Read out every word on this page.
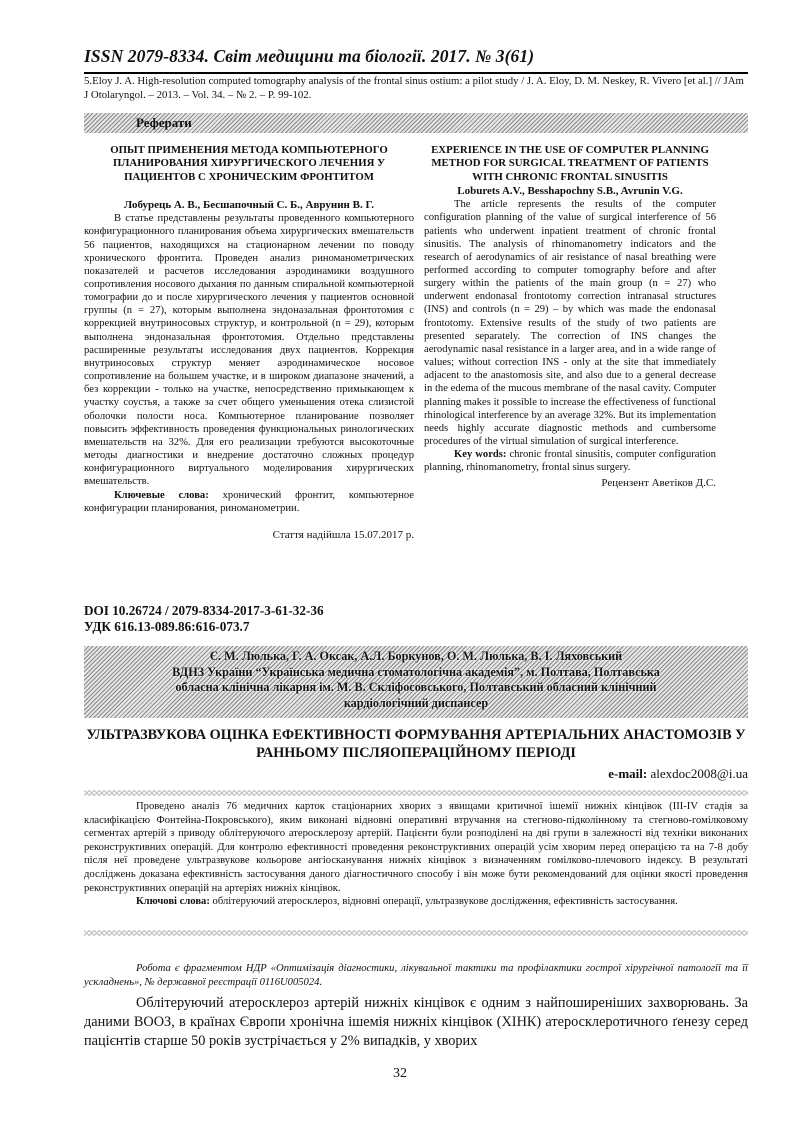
ISSN 2079-8334. Світ медицини та біології. 2017. № 3(61)
5.Eloy J. A. High-resolution computed tomography analysis of the frontal sinus ostium: a pilot study / J. A. Eloy, D. M. Neskey, R. Vivero [et al.] // JAm J Otolaryngol. – 2013. – Vol. 34. – № 2. – P. 99-102.
Реферати
ОПЫТ ПРИМЕНЕНИЯ МЕТОДА КОМПЬЮТЕРНОГО ПЛАНИРОВАНИЯ ХИРУРГИЧЕСКОГО ЛЕЧЕНИЯ У ПАЦИЕНТОВ С ХРОНИЧЕСКИМ ФРОНТИТОМ
Лобурець А. В., Бесшапочный С. Б., Аврунин В. Г.

В статье представлены результаты проведенного компьютерного конфигурационного планирования объема хирургических вмешательств 56 пациентов, находящихся на стационарном лечении по поводу хронического фронтита. Проведен анализ риноманометрических показателей и расчетов исследования аэродинамики воздушного сопротивления носового дыхания по данным спиральной компьютерной томографии до и после хирургического лечения у пациентов основной группы (n = 27), которым выполнена эндоназальная фронтотомия с коррекцией внутриносовых структур, и контрольной (n = 29), которым выполнена эндоназальная фронтотомия. Отдельно представлены расширенные результаты исследования двух пациентов. Коррекция внутриносовых структур меняет аэродинамическое носовое сопротивление на большем участке, и в широком диапазоне значений, а без коррекции - только на участке, непосредственно примыкающем к участку соустья, а также за счет общего уменьшения отека слизистой оболочки полости носа. Компьютерное планирование позволяет повысить эффективность проведения функциональных ринологических вмешательств на 32%. Для его реализации требуются высокоточные методы диагностики и внедрение достаточно сложных процедур конфигурационного виртуального моделирования хирургических вмешательств.

Ключевые слова: хронический фронтит, компьютерное конфигурации планирования, риноманометрии.

Стаття надійшла 15.07.2017 р.
EXPERIENCE IN THE USE OF COMPUTER PLANNING METHOD FOR SURGICAL TREATMENT OF PATIENTS WITH CHRONIC FRONTAL SINUSITIS
Loburets A.V., Besshapochny S.B., Avrunin V.G.

The article represents the results of the computer configuration planning of the value of surgical interference of 56 patients who underwent inpatient treatment of chronic frontal sinusitis. The analysis of rhinomanometry indicators and the research of aerodynamics of air resistance of nasal breathing were performed according to computer tomography before and after surgery within the patients of the main group (n = 27) who underwent endonasal frontotomy correction intranasal structures (INS) and controls (n = 29) – by which was made the endonasal frontotomy. Extensive results of the study of two patients are presented separately. The correction of INS changes the aerodynamic nasal resistance in a larger area, and in a wide range of values; without correction INS - only at the site that immediately adjacent to the anastomosis site, and also due to a general decrease in the edema of the mucous membrane of the nasal cavity. Computer planning makes it possible to increase the effectiveness of functional rhinological interference by an average 32%. But its implementation needs highly accurate diagnostic methods and cumbersome procedures of the virtual simulation of surgical interference.

Key words: chronic frontal sinusitis, computer configuration planning, rhinomanometry, frontal sinus surgery.

Рецензент Аветіков Д.С.
DOI 10.26724 / 2079-8334-2017-3-61-32-36
УДК 616.13-089.86:616-073.7
Є. М. Люлька, Г. А. Оксак, А.Л. Боркунов, О. М. Люлька, В. І. Ляховський
ВДНЗ України “Українська медична стоматологічна академія”, м. Полтава, Полтавська
обласна клінічна лікарня ім. М. В. Скліфосовського, Полтавський обласний клінічний
кардіологічний диспансер
УЛЬТРАЗВУКОВА ОЦІНКА ЕФЕКТИВНОСТІ ФОРМУВАННЯ АРТЕРІАЛЬНИХ АНАСТОМОЗІВ У РАННЬОМУ ПІСЛЯОПЕРАЦІЙНОМУ ПЕРІОДІ
e-mail: alexdoc2008@i.ua

Проведено аналіз 76 медичних карток стаціонарних хворих з явищами критичної ішемії нижніх кінцівок (III-IV стадія за класифікацією Фонтейна-Покровського), яким виконані відновні оперативні втручання на стегново-підколінному та стегново-гомілковому сегментах артерій з приводу облітеруючого атеросклерозу артерій. Пацієнти були розподілені на дві групи в залежності від техніки виконаних реконструктивних операцій. Для контролю ефективності проведення реконструктивних операцій усім хворим перед операцією та на 7-8 добу після неї проведене ультразвукове кольорове ангіосканування нижніх кінцівок з визначенням гомілково-плечового індексу. В результаті досліджень доказана ефективність застосування даного діагностичного способу і він може бути рекомендований для оцінки якості проведення реконструктивних операцій на артеріях нижніх кінцівок.

Ключові слова: облітеруючий атеросклероз, відновні операції, ультразвукове дослідження, ефективність застосування.

Робота є фрагментом НДР «Оптимізація діагностики, лікувальної тактики та профілактики гострої хірургічної патології та її ускладнень», № державної реєстрації 0116U005024.

Облітеруючий атеросклероз артерій нижніх кінцівок є одним з найпоширеніших захворювань. За даними ВООЗ, в країнах Європи хронічна ішемія нижніх кінцівок (ХІНК) атеросклеротичного ґенезу серед пацієнтів старше 50 років зустрічається у 2% випадків, у хворих

32
